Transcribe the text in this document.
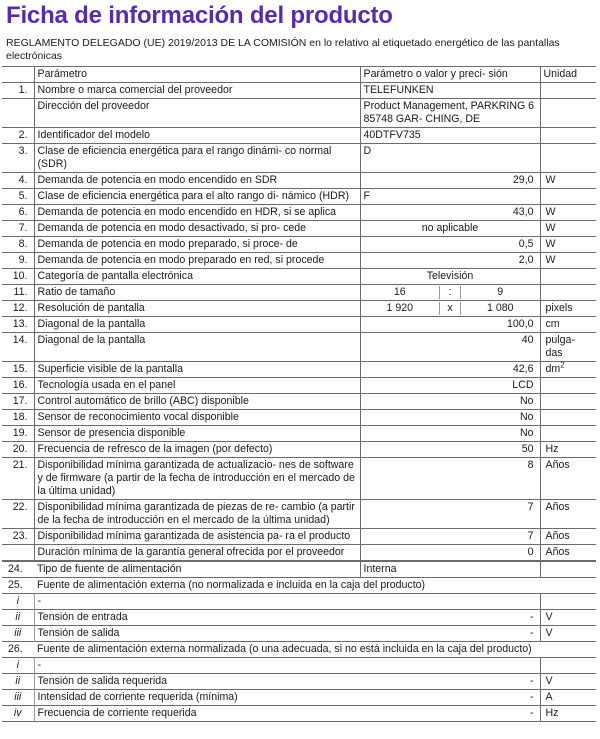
Ficha de información del producto
REGLAMENTO DELEGADO (UE) 2019/2013 DE LA COMISIÓN en lo relativo al etiquetado energético de las pantallas electrónicas
	Parámetro	Parámetro o valor y preci- sión	Unidad
1.	Nombre o marca comercial del proveedor	TELEFUNKEN	
	Dirección del proveedor	Product Management, PARKRING 6 85748 GAR- CHING, DE	
2.	Identificador del modelo	40DTFV735	
3.	Clase de eficiencia energética para el rango dinámi- co normal (SDR)	D	
4.	Demanda de potencia en modo encendido en SDR	29,0	W
5.	Clase de eficiencia energética para el alto rango di- námico (HDR)	F	
6.	Demanda de potencia en modo encendido en HDR, si se aplica	43,0	W
7.	Demanda de potencia en modo desactivado, si pro- cede	no aplicable	W
8.	Demanda de potencia en modo preparado, si proce- de	0,5	W
9.	Demanda de potencia en modo preparado en red, si procede	2,0	W
10.	Categoría de pantalla electrónica	Televisión	
11.	Ratio de tamaño	16 : 9	

12.	Resolución de pantalla	1 920 x 1 080	pixels
13.	Diagonal de la pantalla	100,0	cm
14.	Diagonal de la pantalla	40	pulga- das
15.	Superficie visible de la pantalla	42,6	$dm^2$
16.	Tecnología usada en el panel	LCD	
17.	Control automático de brillo (ABC) disponible	No	
18.	Sensor de reconocimiento vocal disponible	No	
19.	Sensor de presencia disponible	No	
20.	Frecuencia de refresco de la imagen (por defecto)	50	Hz
21.	Disponibilidad mínima garantizada de actualizacio- nes de software y de firmware (a partir de la fecha de introducción en el mercado de la última unidad)	8	Años
22.	Disponibilidad mínima garantizada de piezas de re- cambio (a partir de la fecha de introducción en el mercado de la última unidad)	7	Años
23.	Disponibilidad mínima garantizada de asistencia pa- ra el producto	7	Años
	Duración mínima de la garantía general ofrecida por el proveedor	0	Años
24.	Tipo de fuente de alimentación	Interna	
25.	Fuente de alimentación externa (no normalizada e incluida en la caja del producto)		
i	-		
ii	Tensión de entrada	-	V
iii	Tensión de salida	-	V
26.	Fuente de alimentación externa normalizada (o una adecuada, si no está incluida en la caja del producto)		
i	-		
ii	Tensión de salida requerida	-	V
iii	Intensidad de corriente requerida (mínima)	-	A
iv	Frecuencia de corriente requerida	-	Hz
